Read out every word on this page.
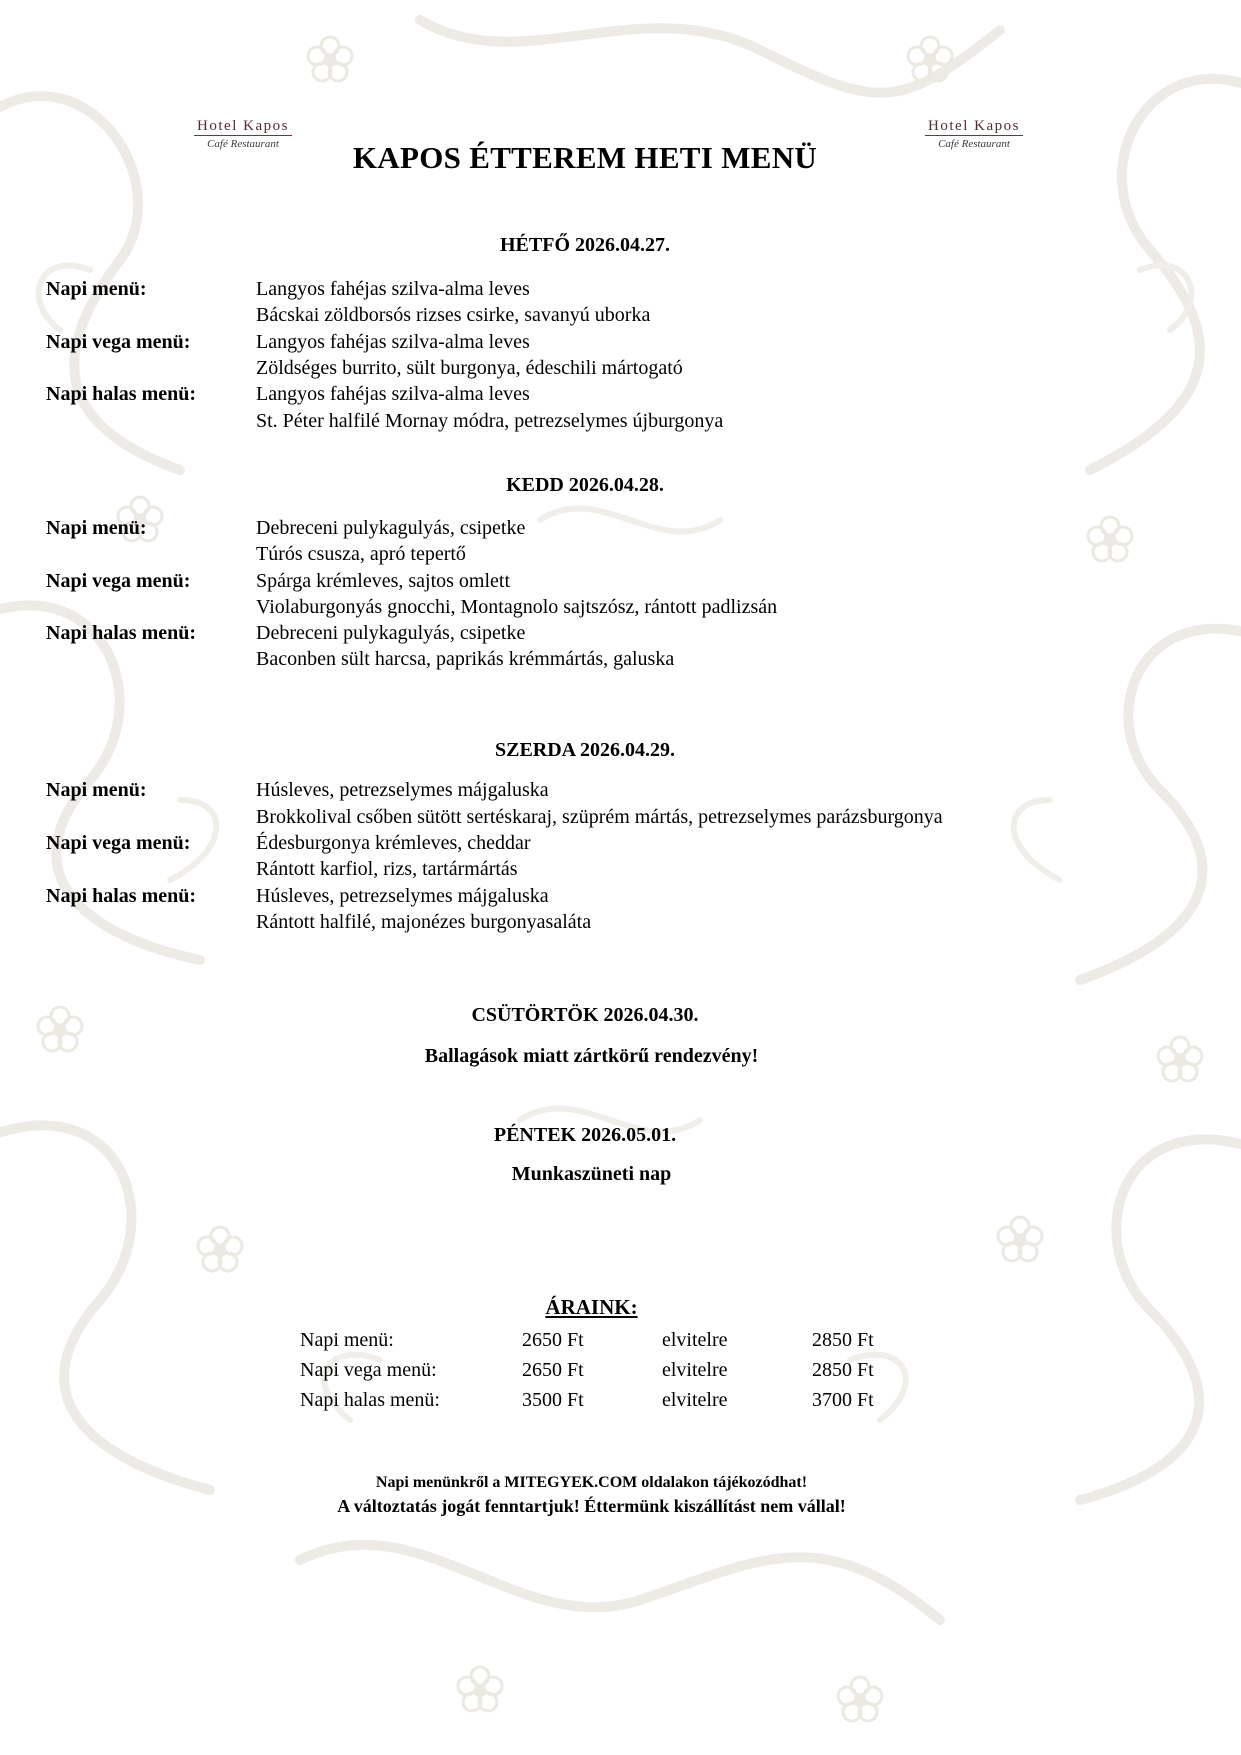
Hotel Kapos
Café Restaurant
Hotel Kapos
Café Restaurant
KAPOS ÉTTEREM HETI MENÜ
HÉTFŐ 2026.04.27.
Napi menü:	Langyos fahéjas szilva-alma leves
Bácskai zöldborsós rizses csirke, savanyú uborka
Napi vega menü:	Langyos fahéjas szilva-alma leves
Zöldséges burrito, sült burgonya, édeschili mártogató
Napi halas menü:	Langyos fahéjas szilva-alma leves
St. Péter halfilé Mornay módra, petrezselymes újburgonya
KEDD 2026.04.28.
Napi menü:	Debreceni pulykagulyás, csipetke
Túrós csusza, apró tepertő
Napi vega menü:	Spárga krémleves, sajtos omlett
Violaburgonyás gnocchi, Montagnolo sajtszósz, rántott padlizsán
Napi halas menü:	Debreceni pulykagulyás, csipetke
Baconben sült harcsa, paprikás krémmártás, galuska
SZERDA 2026.04.29.
Napi menü:	Húsleves, petrezselymes májgaluska
Brokkolival csőben sütött sertéskaraj, szüprém mártás, petrezselymes parázsburgonya
Napi vega menü:	Édesburgonya krémleves, cheddar
Rántott karfiol, rizs, tartármártás
Napi halas menü:	Húsleves, petrezselymes májgaluska
Rántott halfilé, majonézes burgonyasaláta
CSÜTÖRTÖK 2026.04.30.
Ballagások miatt zártkörű rendezvény!
PÉNTEK 2026.05.01.
Munkaszüneti nap
ÁRAINK:
Napi menü:	2650 Ft	elvitelre	2850 Ft
Napi vega menü:	2650 Ft	elvitelre	2850 Ft
Napi halas menü:	3500 Ft	elvitelre	3700 Ft
Napi menünkről a MITEGYEK.COM oldalakon tájékozódhat!
A változtatás jogát fenntartjuk! Éttermünk kiszállítást nem vállal!
